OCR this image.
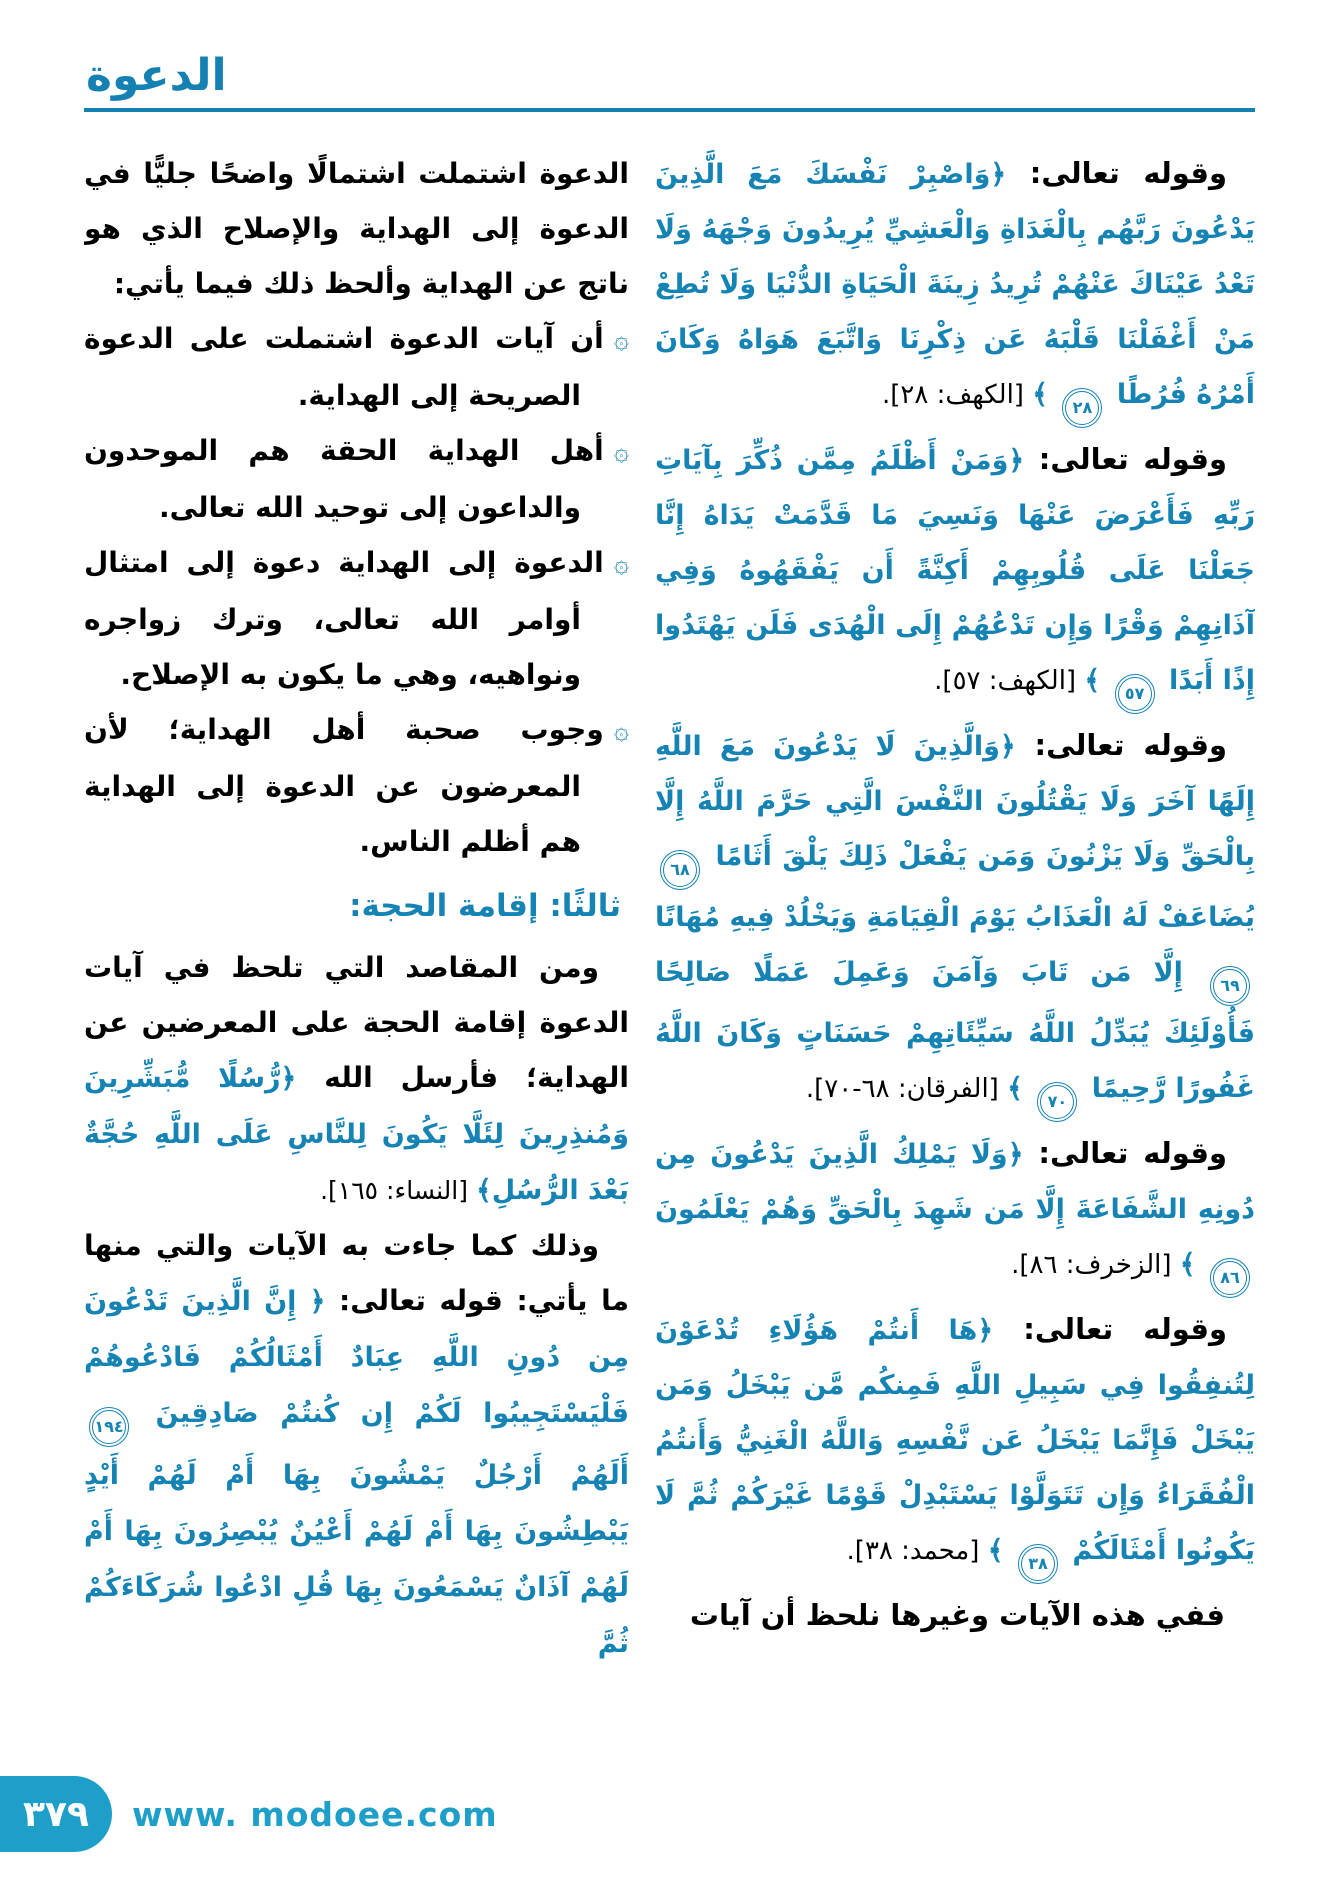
الدعوة

وقوله تعالى: ﴿وَاصْبِرْ نَفْسَكَ مَعَ الَّذِينَ يَدْعُونَ رَبَّهُم بِالْغَدَاةِ وَالْعَشِيِّ يُرِيدُونَ وَجْهَهُ وَلَا تَعْدُ عَيْنَاكَ عَنْهُمْ تُرِيدُ زِينَةَ الْحَيَاةِ الدُّنْيَا وَلَا تُطِعْ مَنْ أَغْفَلْنَا قَلْبَهُ عَن ذِكْرِنَا وَاتَّبَعَ هَوَاهُ وَكَانَ أَمْرُهُ فُرُطًا ٢٨ ﴾ [الكهف: ٢٨].

وقوله تعالى: ﴿وَمَنْ أَظْلَمُ مِمَّن ذُكِّرَ بِآيَاتِ رَبِّهِ فَأَعْرَضَ عَنْهَا وَنَسِيَ مَا قَدَّمَتْ يَدَاهُ إِنَّا جَعَلْنَا عَلَى قُلُوبِهِمْ أَكِنَّةً أَن يَفْقَهُوهُ وَفِي آذَانِهِمْ وَقْرًا وَإِن تَدْعُهُمْ إِلَى الْهُدَى فَلَن يَهْتَدُوا إِذًا أَبَدًا ٥٧ ﴾ [الكهف: ٥٧].

وقوله تعالى: ﴿وَالَّذِينَ لَا يَدْعُونَ مَعَ اللَّهِ إِلَهًا آخَرَ وَلَا يَقْتُلُونَ النَّفْسَ الَّتِي حَرَّمَ اللَّهُ إِلَّا بِالْحَقِّ وَلَا يَزْنُونَ وَمَن يَفْعَلْ ذَلِكَ يَلْقَ أَثَامًا ٦٨ يُضَاعَفْ لَهُ الْعَذَابُ يَوْمَ الْقِيَامَةِ وَيَخْلُدْ فِيهِ مُهَانًا ٦٩ إِلَّا مَن تَابَ وَآمَنَ وَعَمِلَ عَمَلًا صَالِحًا فَأُوْلَئِكَ يُبَدِّلُ اللَّهُ سَيِّئَاتِهِمْ حَسَنَاتٍ وَكَانَ اللَّهُ غَفُورًا رَّحِيمًا ٧٠ ﴾ [الفرقان: ٦٨-٧٠].

وقوله تعالى: ﴿وَلَا يَمْلِكُ الَّذِينَ يَدْعُونَ مِن دُونِهِ الشَّفَاعَةَ إِلَّا مَن شَهِدَ بِالْحَقِّ وَهُمْ يَعْلَمُونَ ٨٦ ﴾ [الزخرف: ٨٦].

وقوله تعالى: ﴿هَا أَنتُمْ هَؤُلَاءِ تُدْعَوْنَ لِتُنفِقُوا فِي سَبِيلِ اللَّهِ فَمِنكُم مَّن يَبْخَلُ وَمَن يَبْخَلْ فَإِنَّمَا يَبْخَلُ عَن نَّفْسِهِ وَاللَّهُ الْغَنِيُّ وَأَنتُمُ الْفُقَرَاءُ وَإِن تَتَوَلَّوْا يَسْتَبْدِلْ قَوْمًا غَيْرَكُمْ ثُمَّ لَا يَكُونُوا أَمْثَالَكُمْ ٣٨ ﴾ [محمد: ٣٨].

ففي هذه الآيات وغيرها نلحظ أن آيات

الدعوة اشتملت اشتمالًا واضحًا جليًّا في الدعوة إلى الهداية والإصلاح الذي هو ناتج عن الهداية وألحظ ذلك فيما يأتي:

۞أن آيات الدعوة اشتملت على الدعوة الصريحة إلى الهداية.
۞أهل الهداية الحقة هم الموحدون والداعون إلى توحيد الله تعالى.
۞الدعوة إلى الهداية دعوة إلى امتثال أوامر الله تعالى، وترك زواجره ونواهيه، وهي ما يكون به الإصلاح.
۞وجوب صحبة أهل الهداية؛ لأن المعرضون عن الدعوة إلى الهداية هم أظلم الناس.
ثالثًا: إقامة الحجة:

ومن المقاصد التي تلحظ في آيات الدعوة إقامة الحجة على المعرضين عن الهداية؛ فأرسل الله ﴿رُّسُلًا مُّبَشِّرِينَ وَمُنذِرِينَ لِئَلَّا يَكُونَ لِلنَّاسِ عَلَى اللَّهِ حُجَّةٌ بَعْدَ الرُّسُلِ﴾ [النساء: ١٦٥].

وذلك كما جاءت به الآيات والتي منها ما يأتي: قوله تعالى: ﴿ إِنَّ الَّذِينَ تَدْعُونَ مِن دُونِ اللَّهِ عِبَادٌ أَمْثَالُكُمْ فَادْعُوهُمْ فَلْيَسْتَجِيبُوا لَكُمْ إِن كُنتُمْ صَادِقِينَ ١٩٤ أَلَهُمْ أَرْجُلٌ يَمْشُونَ بِهَا أَمْ لَهُمْ أَيْدٍ يَبْطِشُونَ بِهَا أَمْ لَهُمْ أَعْيُنٌ يُبْصِرُونَ بِهَا أَمْ لَهُمْ آذَانٌ يَسْمَعُونَ بِهَا قُلِ ادْعُوا شُرَكَاءَكُمْ ثُمَّ

٣٧٩ www. modoee.com
